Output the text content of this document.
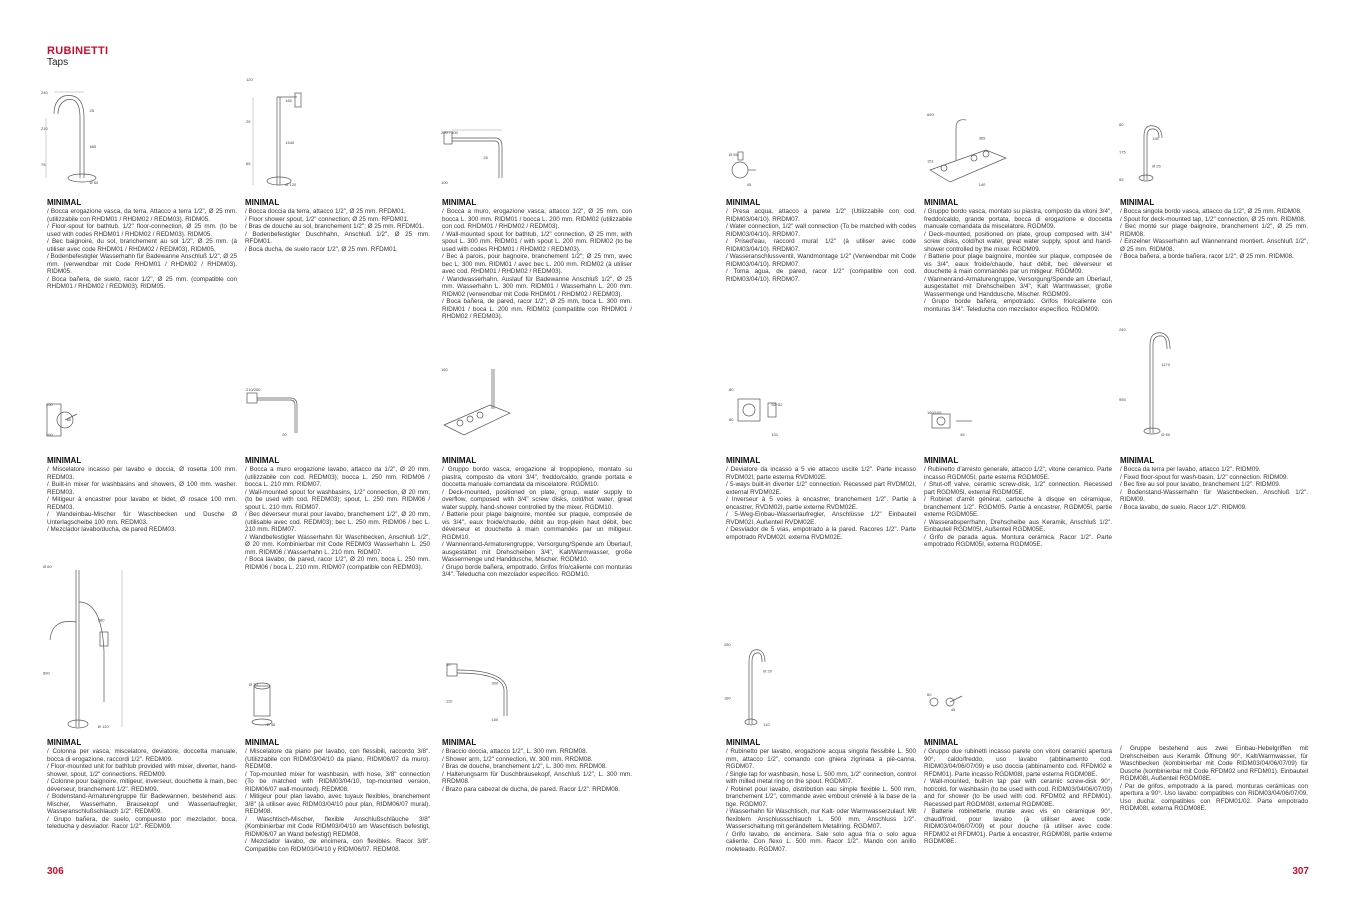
RUBINETTI
Taps
240
25
210
665
75
Ø 60
120
160
25
1540
65
Ø 120
200 - 300
25
100
MINIMAL

/ Bocca erogazione vasca, da terra. Attacco a terra 1/2", Ø 25 mm. (utilizzabile con RHDM01 / RHDM02 / REDM03). RIDM05.

/ Floor-spout for bathtub. 1/2" floor-connection, Ø 25 mm. (to be used with codes RHDM01 / RHDM02 / REDM03). RIDM05.

/ Bec baignoire, du sol, branchement au sol 1/2", Ø 25 mm. (à utiliser avec code RHDM01 / RHDM02 / REDM03). RIDM05.

/ Bodenbefestigter Wasserhahn für Badewanne Anschluß 1/2", Ø 25 mm. (verwendbar mit Code RHDM01 / RHDM02 / RHDM03). RIDM05.

/ Boca bañera, de suelo, racor 1/2", Ø 25 mm. (compatible con RHDM01 / RHDM02 / REDM03). RIDM05.

MINIMAL

/ Bocca doccia da terra, attacco 1/2", Ø 25 mm. RFDM01.

/ Floor shower spout, 1/2" connection; Ø 25 mm. RFDM01.

/ Bras de douche au sol, branchement 1/2"; Ø 25 mm. RFDM01.

/ Bodenbefestigter Duschhahn, Anschluß 1/2", Ø 25 mm. RFDM01.

/ Boca ducha, de suelo racor 1/2", Ø 25 mm. RFDM01.

MINIMAL

/ Bocca a muro, erogazione vasca, attacco 1/2", Ø 25 mm. con bocca L. 300 mm. RIDM01 / bocca L. 200 mm. RIDM02 (utilizzabile con cod. RHDM01 / RHDM02 / REDM03).

/ Wall-mounted spout for bathtub, 1/2" connection, Ø 25 mm, with spout L. 300 mm. RIDM01 / with spout L. 200 mm. RIDM02 (to be used with codes RHDM01 / RHDM02 / REDM03).

/ Bec à parois, pour bagnoire, branchement 1/2"; Ø 25 mm, avec bec L. 300 mm. RIDM01 / avec bec L. 200 mm. RIDM02 (à utiliser avec cod. RHDM01 / RHDM02 / REDM03).

/ Wandwasserhahn, Auslauf für Badewanne Anschluß 1/2", Ø 25 mm. Wasserhahn L. 300 mm. RIDM01 / Wasserhahn L. 200 mm. RIDM02 (verwendbar mit Code RHDM01 / RHDM02 / REDM03).

/ Boca bañera, de pared, racor 1/2", Ø 25 mm, boca L. 300 mm. RIDM01 / boca L. 200 mm. RIDM02 (compatible con RHDM01 / RHDM02 / REDM03).

100
60
160
210/250
20
160
MINIMAL

/ Miscelatore incasso per lavabo e doccia, Ø rosetta 100 mm. REDM03.

/ Built-in mixer for washbasins and showers, Ø 100 mm. washer. REDM03.

/ Mitigeur à encastrer pour lavabo et bidet, Ø rosace 100 mm. REDM03.

/ Wandeinbau-Mischer für Waschbecken und Dusche Ø Unterlagscheibe 100 mm. REDM03.

/ Mezclador lavabo/ducha, de pared REDM03.

MINIMAL

/ Bocca a muro erogazione lavabo, attacco da 1/2", Ø 20 mm. (utilizzabile con cod. REDM03); bocca L. 250 mm. RIDM06 / bocca L. 210 mm. RIDM07.

/ Wall-mounted spout for washbasins, 1/2" connection, Ø 20 mm, (to be used with cod. REDM03); spout, L. 250 mm. RIDM06 / spout L. 210 mm. RIDM07.

/ Bec déverseur mural pour lavabo, branchement 1/2", Ø 20 mm, (utilisable avec cod. REDM03); bec L. 250 mm. RIDM06 / bec L. 210 mm. RIDM07.

/ Wandbefestigter Wasserhahn für Waschbecken, Anschluß 1/2", Ø 20 mm. Kombinierbar mit Code REDM03 Wasserhahn L. 250 mm. RIDM06 / Wasserhahn L. 210 mm. RIDM07.

/ Boca lavabo, de pared, racor 1/2", Ø 20 mm, boca L. 250 mm. RIDM06 / boca L. 210 mm. RIDM07 (compatible con REDM03).

MINIMAL

/ Gruppo bordo vasca, erogazione al troppopieno, montato su piastra, composto da vitoni 3/4", freddo/caldo, grande portata e doccetta manuale comandata da miscelatore. RGDM10.

/ Deck-mounted, positioned on plate, group, water supply to overflow, composed with 3/4" screw disks, cold/hot water, great water supply, hand-shower controlled by the mixer. RGDM10.

/ Batterie pour plage baignoire, montée sur plaque, composée de vis 3/4", eaux froide/chaude, débit au trop-plein haut débit, bec déverseur et douchette à main commandés par un mitigeur. RGDM10.

/ Wannenrand-Armaturengruppe, Versorgung/Spende am Überlauf, ausgestattet mit Drehscheiben 3/4", Kalt/Warmwasser, große Wassermenge und Handdusche, Mischer. RGDM10.

/ Grupo borde bañera, empotrado. Grifos frío/caliente con monturas 3/4". Teleducha con mezclador específico. RGDM10.

Ø 60
280
890
Ø 120
Ø 70
Ø 46
20
300
110
100
MINIMAL

/ Colonna per vasca, miscelatore, deviatore, doccetta manuale, bocca di erogazione, raccordi 1/2". REDM09.

/ Floor-mounted unit for bathtub provided with mixer, diverter, hand-shower, spout, 1/2" connections. REDM09.

/ Colonne pour baignoire, mitigeur, inverseur, douchette à main, bec déverseur, branchement 1/2". REDM09.

/ Bodenstand-Armaturengruppe für Badewannen, bestehend aus: Mischer, Wasserhahn, Brausekopf und Wasserlaufregler, Wasseranschlußschlauch 1/2". REDM09.

/ Grupo bañera, de suelo, compuesto por: mezclador, boca, teleducha y desviador. Racor 1/2". REDM09.

MINIMAL

/ Miscelatore da piano per lavabo, con flessibili, raccordo 3/8". (Utilizzabile con RIDM03/04/10 da piano, RIDM06/07 da muro). REDM08.

/ Top-mounted mixer for washbasin, with hose, 3/8" connection (To be matched with RIDM03/04/10, top-mounted version, RIDM06/07 wall-mounted). REDM08.

/ Mitigeur pour plan lavabo, avec tuyaux flexibles, branchement 3/8" (à utiliser avec RIDM03/04/10 pour plan, RIDM06/07 mural). REDM08.

/ Waschtisch-Mischer, flexible Anschlußschläuche 3/8" (Kombinierbar mit Code RIDM03/04/10 am Waschtisch befestigt, RIDM06/07 an Wand befestigt) REDM08.

/ Mezclador lavabo, de encimera, con flexibles. Racor 3/8". Compatible con RIDM03/04/10 y RIDM06/07. REDM08.

MINIMAL

/ Braccio doccia, attacco 1/2", L. 300 mm. RRDM08.

/ Shower arm, 1/2" connection, W. 300 mm. RRDM08.

/ Bras de douche, branchement 1/2", L. 300 mm. RRDM08.

/ Halterungsarm für Duschbrausekopf, Anschluß 1/2", L. 300 mm. RRDM08.

/ Brazo para cabezal de ducha, de pared. Racor 1/2". RRDM08.

306
Ø 55
45
690
365
151
140
80
135
175
Ø 25
65
MINIMAL

/ Presa acqua, attacco a parete 1/2" (Utilizzabile con cod. RIDM03/04/10). RRDM07.

/ Water connection, 1/2" wall connection (To be matched with codes RIDM03/04/10). RRDM07.

/ Prised'eau, raccord mural 1/2" (à utiliser avec code RIDM03/04/10). RRDM07.

/ Wasseranschlussventil, Wandmontage 1/2" (Verwendbar mit Code RIDM03/04/10). RRDM07.

/ Toma agua, de pared, racor 1/2" (compatible con cod. RIDM03/04/10). RRDM07.

MINIMAL

/ Gruppo bordo vasca, montato su piastra, composto da vitoni 3/4", freddo/caldo, grande portata, bocca di erogazione e doccetta manuale comandata da miscelatore. RGDM09.

/ Deck-mounted, positioned on plate, group composed with 3/4" screw disks, cold/hot water, great water supply, spout and hand-shower controlled by the mixer. RGDM09.

/ Batterie pour plage baignoire, montée sur plaque, composée de vis 3/4", eaux froide/chaude, haut débit, bec déverseur et douchette à main commandés par un mitigeur. RGDM09.

/ Wannenrand-Armaturengruppe, Versorgung/Spende am Überlauf, ausgestattet mit Drehscheiben 3/4", Kalt Warmwasser, große Wassermenge und Handdusche, Mischer. RGDM09.

/ Grupo borde bañera, empotrado. Grifos frío/caliente con monturas 3/4". Teleducha con mezclador específico. RGDM09.

MINIMAL

/ Bocca singola bordo vasca, attacco da 1/2", Ø 25 mm. RIDM08.

/ Spout for deck-mounted tap, 1/2" connection, Ø 25 mm. RIDM08.

/ Bec monté sur plage baignoire, branchement 1/2", Ø 25 mm. RIDM08.

/ Einzelner Wasserhahn auf Wannenrand montiert. Anschluß 1/2", Ø 25 mm. RIDM08.

/ Boca bañera, a borde bañera, racor 1/2", Ø 25 mm. RIDM08.

80
52÷52
80
101
160/105
45
240
1170
955
Ø 60
MINIMAL

/ Deviatore da incasso a 5 vie attacco uscite 1/2". Parte incasso RVDM02I, parte esterna RVDM02E.

/ 5-ways built-in diverter 1/2" connection. Recessed part RVDM02I, external RVDM02E.

/ Inverseur à 5 voies à encastrer, branchement 1/2". Partie à encastrer, RVDM02I, partie externe RVDM02E.

/ 5-Weg-Einbau-Wasserlaufregler, Anschlüsse 1/2" Einbauteil RVDM02I, Außenteil RVDM02E.

/ Desviador de 5 vías, empotrado a la pared. Racores 1/2". Parte empotrado RVDM02I, externa RVDM02E.

MINIMAL

/ Rubinetto d'arresto generale, attacco 1/2", vitone ceramico. Parte incasso RGDM05I, parte esterna RGDM05E.

/ Shut-off valve, ceramic screw-disk, 1/2" connection. Recessed part RGDM05I, external RGDM05E.

/ Robinet d'arrêt général, cartouche à disque en céramique, branchement 1/2". RGDM05. Partie à encastrer, RGDM05I, partie externe RGDM05E.

/ Wasserabsperrhahn, Drehscheibe aus Keramik, Anschluß 1/2". Einbauteil RGDM05I, Außenteil RGDM05E.

/ Grifo de parada agua. Montura cerámica. Racor 1/2". Parte empotrado RGDM05I, externa RGDM05E.

MINIMAL

/ Bocca da terra per lavabo, attacco 1/2". RIDM09.

/ Fixed floor-spout for wash-basin, 1/2" connection. RIDM09.

/ Bec fixe au sol pour lavabo, branchement 1/2". RIDM09.

/ Bodenstand-Wasserhahn für Waschbecken, Anschluß 1/2". RIDM09.

/ Boca lavabo, de suelo. Racor 1/2". RIDM09.

280
Ø 20
180
110
60
45
MINIMAL

/ Rubinetto per lavabo, erogazione acqua singola flessibile L. 500 mm, attacco 1/2", comando con ghiera zigrinata a piè-canna. RGDM07.

/ Single tap for washbasin, hose L. 500 mm, 1/2" connection, control with milled metal ring on the spout. RGDM07.

/ Robinet pour lavabo, distribution eau simple flexible L. 500 mm, branchement 1/2", commande avec embout crénelé à la base de la tige. RGDM07.

/ Wasserhahn für Waschtisch, nur Kalt- oder Warmwasserzulauf. Mit flexiblem Anschlussschlauch L. 500 mm, Anschluss 1/2". Wasserschaltung mit gerändeltem Metallring. RGDM07.

/ Grifo lavabo, de encimera. Sale solo agua fría o solo agua caliente. Con flexo L. 500 mm. Racor 1/2". Mando con anillo moleteado. RGDM07.

MINIMAL

/ Gruppo due rubinetti incasso parete con vitoni ceramici apertura 90°, caldo/freddo, uso lavabo (abbinamento cod. RIDM03/04/06/07/09) e uso doccia (abbinamento cod. RFDM02 e RFDM01). Parte incasso RGDM08I, parte esterna RGDM08E.

/ Wall-mounted, built-in tap pair with ceramic screw-disk 90°, hot/cold, for washbasin (to be used with cod. RIDM03/04/06/07/09) and for shower (to be used with cod. RFDM02 and RFDM01). Recessed part RGDM08I, external RGDM08E.

/ Batterie robinetterie murale avec vis en céramique 90°, chaud/froid, pour lavabo (à utiliser avec code: RIDM03/04/06/07/09) et pour douche (à utiliser avec code: RFDM02 et RFDM01). Partie à encastrer, RGDM08I, partie externe RGDM08E.

/ Gruppe bestehend aus zwei Einbau-Hebelgriffen mit Drehscheiben aus Keramik Öffnung 90°, Kalt/Warmwasser, für Waschbecken (kombinierbar mit Code RIDM03/04/06/07/09) für Dusche (kombinierbar mit Code RFDM02 und RFDM01). Einbauteil RGDM08I, Außenteil RGDM08E.

/ Par de grifos, empotrado a la pared, monturas cerámicas con apertura a 90°. Uso lavabo: compatibles con RIDM03/04/06/07/09. Uso ducha: compatibles con RFDM01/02. Parte empotrado RGDM08I, externa RGDM08E.

307
